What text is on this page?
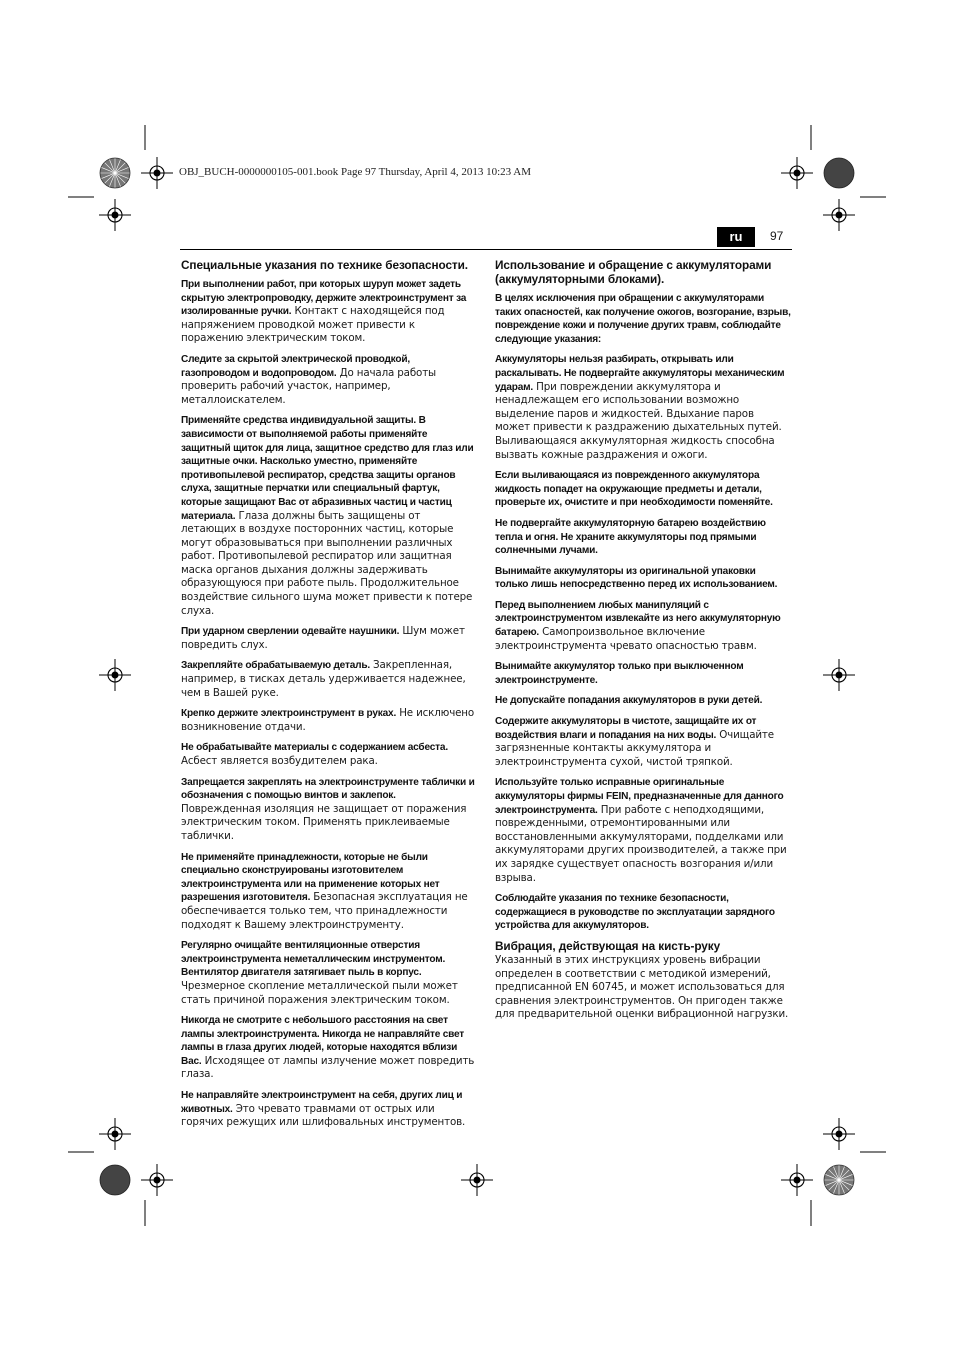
OBJ_BUCH-0000000105-001.book Page 97 Thursday, April 4, 2013 10:23 AM
ru	97
Специальные указания по технике безопасности.

При выполнении работ, при которых шуруп может задеть скрытую электропроводку, держите электроинструмент за изолированные ручки. Контакт с находящейся под напряжением проводкой может привести к поражению электрическим током.

Следите за скрытой электрической проводкой, газопроводом и водопроводом. До начала работы проверить рабочий участок, например, металлоискателем.

Применяйте средства индивидуальной защиты. В зависимости от выполняемой работы применяйте защитный щиток для лица, защитное средство для глаз или защитные очки. Насколько уместно, применяйте противопылевой респиратор, средства защиты органов слуха, защитные перчатки или специальный фартук, которые защищают Вас от абразивных частиц и частиц материала. Глаза должны быть защищены от летающих в воздухе посторонних частиц, которые могут образовываться при выполнении различных работ. Противопылевой респиратор или защитная маска органов дыхания должны задерживать образующуюся при работе пыль. Продолжительное воздействие сильного шума может привести к потере слуха.

При ударном сверлении одевайте наушники. Шум может повредить слух.

Закрепляйте обрабатываемую деталь. Закрепленная, например, в тисках деталь удерживается надежнее, чем в Вашей руке.

Крепко держите электроинструмент в руках. Не исключено возникновение отдачи.

Не обрабатывайте материалы с содержанием асбеста. Асбест является возбудителем рака.

Запрещается закреплять на электроинструменте таблички и обозначения с помощью винтов и заклепок. Поврежденная изоляция не защищает от поражения электрическим током. Применять приклеиваемые таблички.

Не применяйте принадлежности, которые не были специально сконструированы изготовителем электроинструмента или на применение которых нет разрешения изготовителя. Безопасная эксплуатация не обеспечивается только тем, что принадлежности подходят к Вашему электроинструменту.

Регулярно очищайте вентиляционные отверстия электроинструмента неметаллическим инструментом. Вентилятор двигателя затягивает пыль в корпус. Чрезмерное скопление металлической пыли может стать причиной поражения электрическим током.

Никогда не смотрите с небольшого расстояния на свет лампы электроинструмента. Никогда не направляйте свет лампы в глаза других людей, которые находятся вблизи Вас. Исходящее от лампы излучение может повредить глаза.

Не направляйте электроинструмент на себя, других лиц и животных. Это чревато травмами от острых или горячих режущих или шлифовальных инструментов.

Использование и обращение с аккумуляторами (аккумуляторными блоками).

В целях исключения при обращении с аккумуляторами таких опасностей, как получение ожогов, возгорание, взрыв, повреждение кожи и получение других травм, соблюдайте следующие указания:

Аккумуляторы нельзя разбирать, открывать или раскалывать. Не подвергайте аккумуляторы механическим ударам. При повреждении аккумулятора и ненадлежащем его использовании возможно выделение паров и жидкостей. Вдыхание паров может привести к раздражению дыхательных путей. Выливающаяся аккумуляторная жидкость способна вызвать кожные раздражения и ожоги.

Если выливающаяся из поврежденного аккумулятора жидкость попадет на окружающие предметы и детали, проверьте их, очистите и при необходимости поменяйте.

Не подвергайте аккумуляторную батарею воздействию тепла и огня. Не храните аккумуляторы под прямыми солнечными лучами.

Вынимайте аккумуляторы из оригинальной упаковки только лишь непосредственно перед их использованием.

Перед выполнением любых манипуляций с электроинструментом извлекайте из него аккумуляторную батарею. Самопроизвольное включение электроинструмента чревато опасностью травм.

Вынимайте аккумулятор только при выключенном электроинструменте.

Не допускайте попадания аккумуляторов в руки детей.

Содержите аккумуляторы в чистоте, защищайте их от воздействия влаги и попадания на них воды. Очищайте загрязненные контакты аккумулятора и электроинструмента сухой, чистой тряпкой.

Используйте только исправные оригинальные аккумуляторы фирмы FEIN, предназначенные для данного электроинструмента. При работе с неподходящими, поврежденными, отремонтированными или восстановленными аккумуляторами, подделками или аккумуляторами других производителей, а также при их зарядке существует опасность возгорания и/или взрыва.

Соблюдайте указания по технике безопасности, содержащиеся в руководстве по эксплуатации зарядного устройства для аккумуляторов.

Вибрация, действующая на кисть-руку

Указанный в этих инструкциях уровень вибрации определен в соответствии с методикой измерений, предписанной EN 60745, и может использоваться для сравнения электроинструментов. Он пригоден также для предварительной оценки вибрационной нагрузки.
